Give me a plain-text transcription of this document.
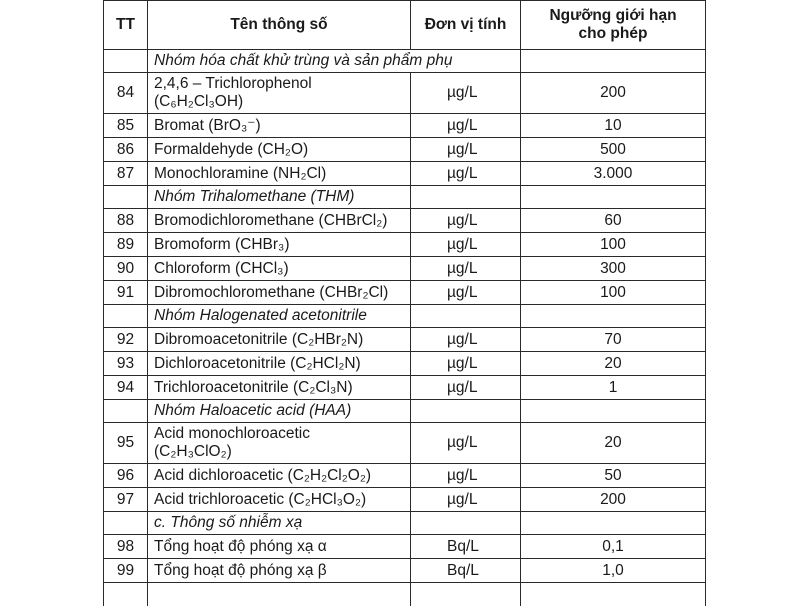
TT	Tên thông số	Đơn vị tính	Ngưỡng giới hạn
cho phép
	Nhóm hóa chất khử trùng và sản phẩm phụ		
84	2,4,6 – Trichlorophenol
(C₆H₂Cl₃OH)	µg/L	200
85	Bromat (BrO₃⁻)	µg/L	10
86	Formaldehyde (CH₂O)	µg/L	500
87	Monochloramine (NH₂Cl)	µg/L	3.000
	Nhóm Trihalomethane (THM)		
88	Bromodichloromethane (CHBrCl₂)	µg/L	60
89	Bromoform (CHBr₃)	µg/L	100
90	Chloroform (CHCl₃)	µg/L	300
91	Dibromochloromethane (CHBr₂Cl)	µg/L	100
	Nhóm Halogenated acetonitrile		
92	Dibromoacetonitrile (C₂HBr₂N)	µg/L	70
93	Dichloroacetonitrile (C₂HCl₂N)	µg/L	20
94	Trichloroacetonitrile (C₂Cl₃N)	µg/L	1
	Nhóm Haloacetic acid (HAA)		
95	Acid monochloroacetic
(C₂H₃ClO₂)	µg/L	20
96	Acid dichloroacetic (C₂H₂Cl₂O₂)	µg/L	50
97	Acid trichloroacetic (C₂HCl₃O₂)	µg/L	200
	c. Thông số nhiễm xạ		
98	Tổng hoạt độ phóng xạ α	Bq/L	0,1
99	Tổng hoạt độ phóng xạ β	Bq/L	1,0
